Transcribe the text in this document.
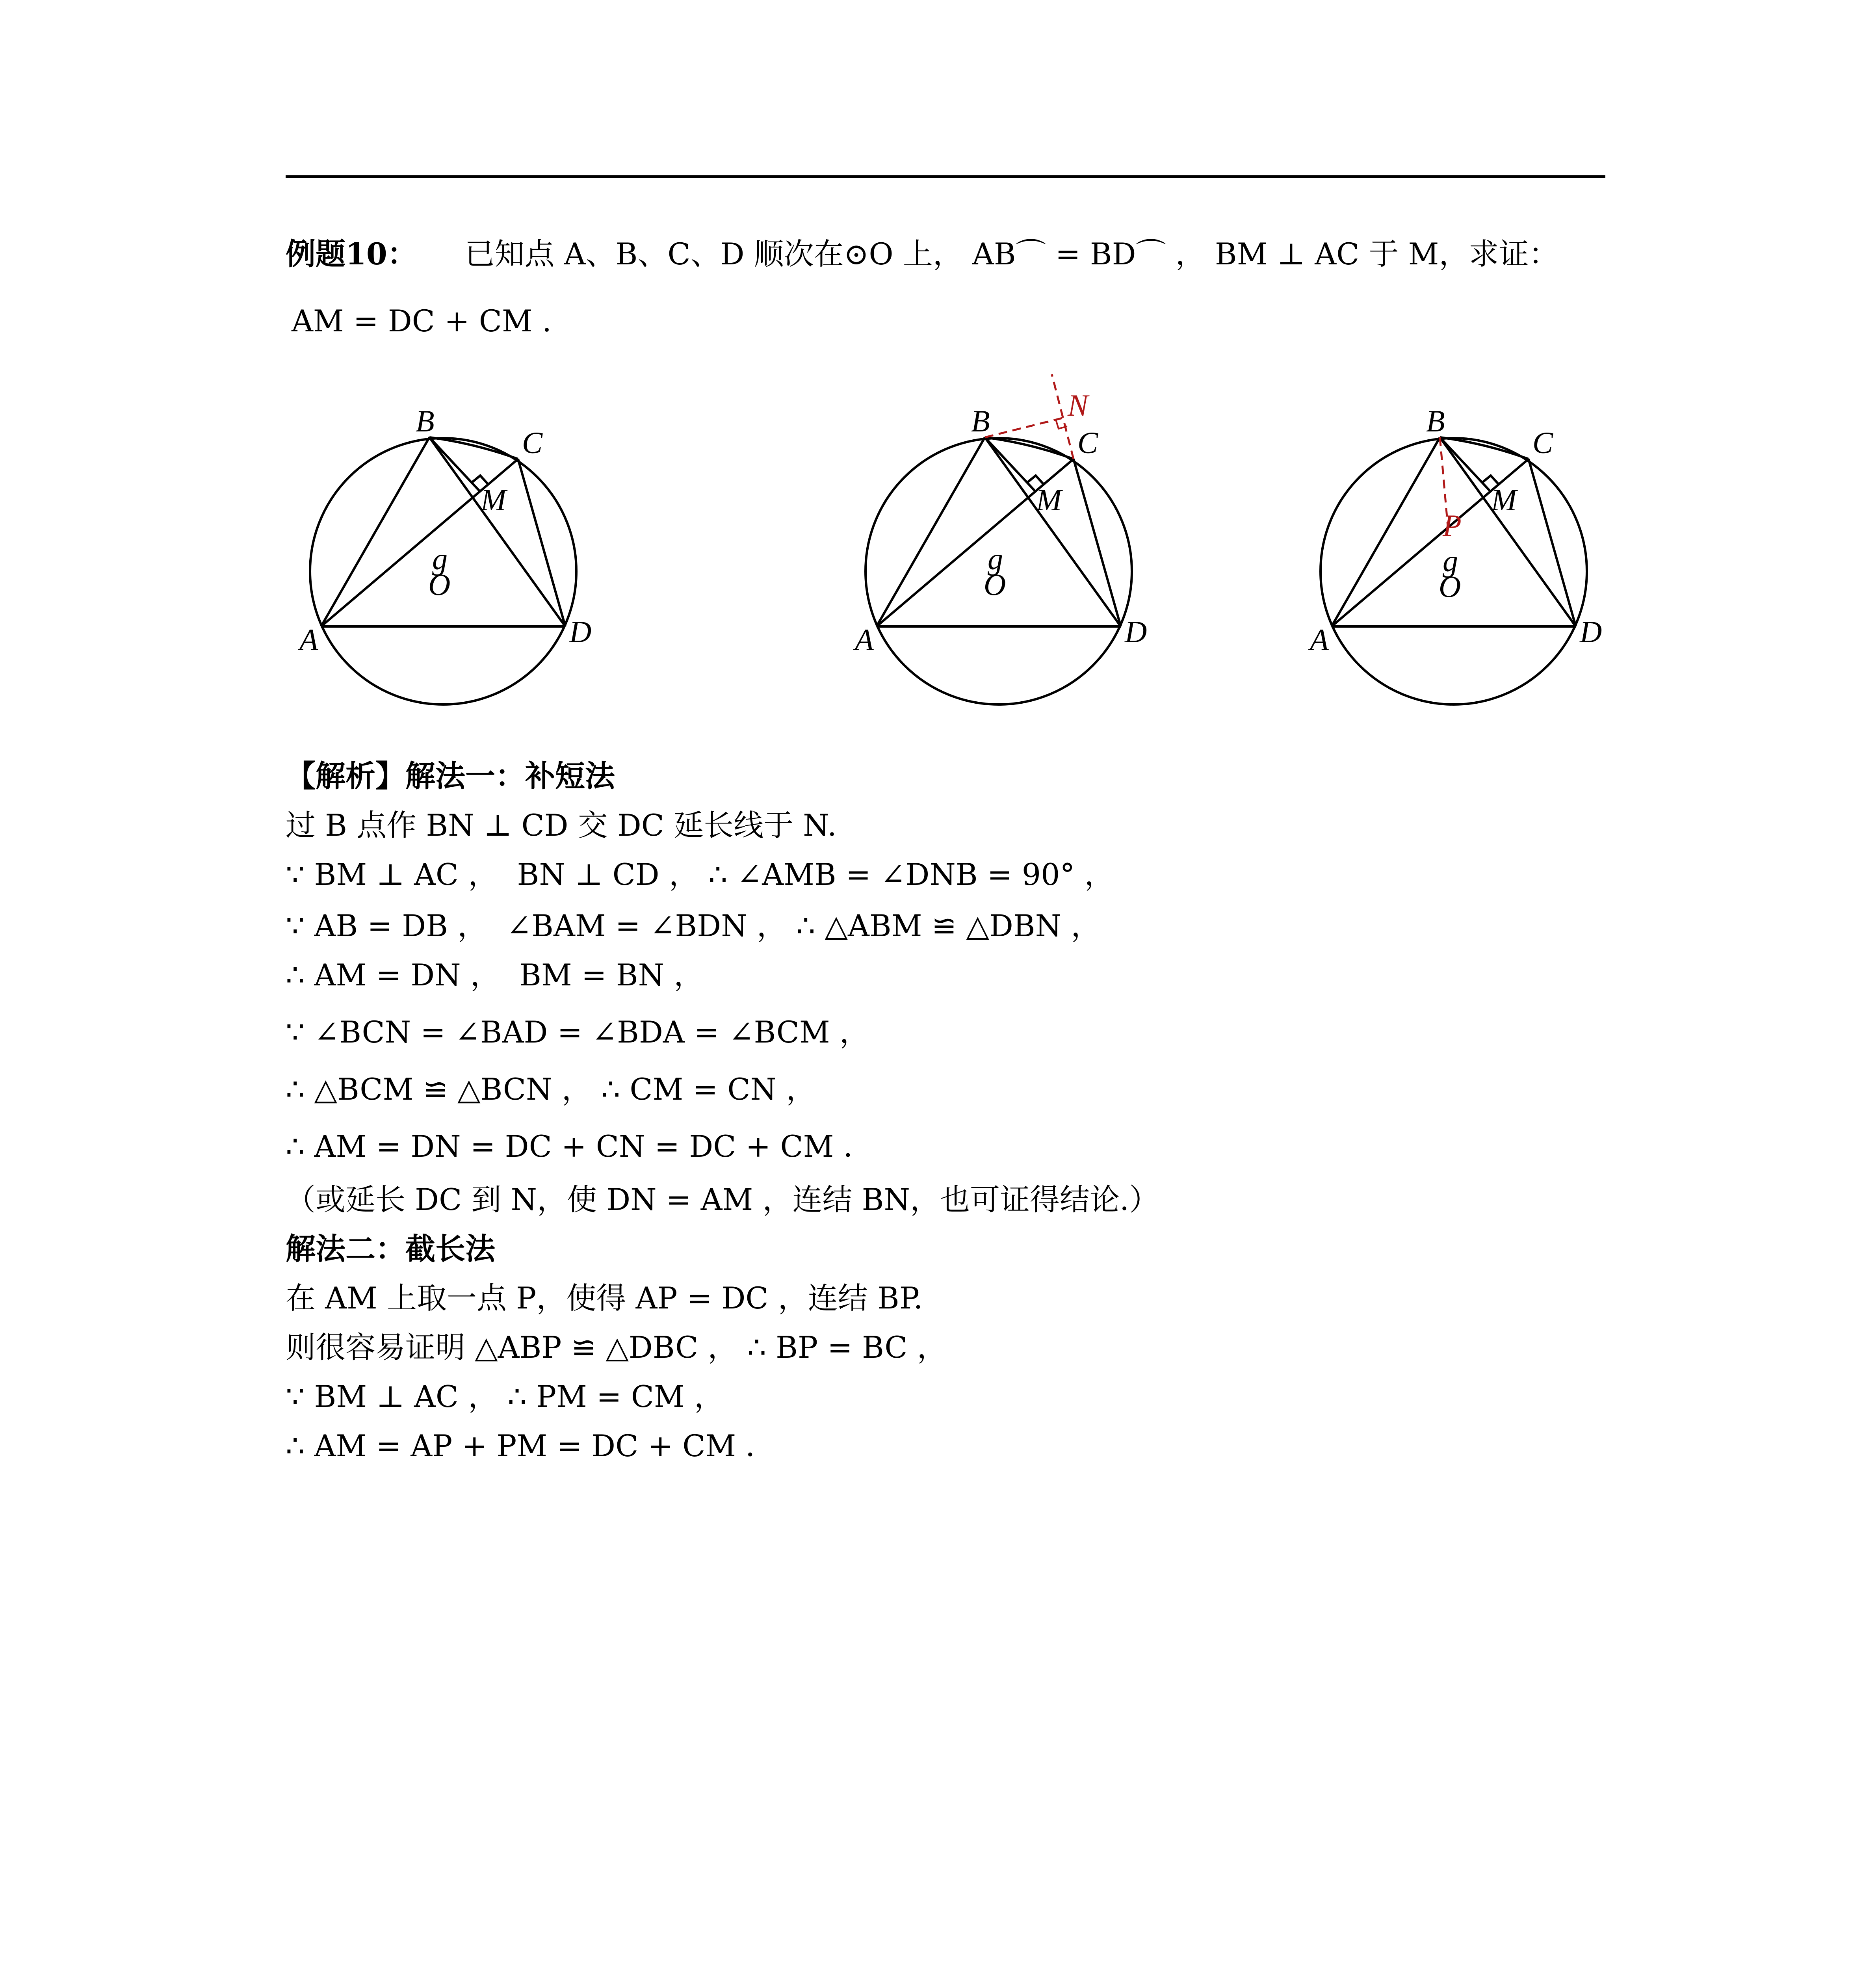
例题10： 已知点 A、B、C、D 顺次在⊙O 上， AB⌒ = BD⌒ ， BM ⊥ AC 于 M，求证：
AM = DC + CM .
B
C
M
A	D
g
O
B
C
N
M
A	D
g
O
B
C
M
P
A	D
g
O
【解析】解法一：补短法
过 B 点作 BN ⊥ CD 交 DC 延长线于 N.
∵ BM ⊥ AC ，  BN ⊥ CD ， ∴ ∠AMB = ∠DNB = 90° ，
∵ AB = DB ，  ∠BAM = ∠BDN ， ∴ △ABM ≌ △DBN ，
∴ AM = DN ，  BM = BN ，
∵ ∠BCN = ∠BAD = ∠BDA = ∠BCM ，
∴ △BCM ≌ △BCN ， ∴ CM = CN ，
∴ AM = DN = DC + CN = DC + CM ．
（或延长 DC 到 N，使 DN = AM ，连结 BN，也可证得结论.）
解法二：截长法
在 AM 上取一点 P，使得 AP = DC ，连结 BP.
则很容易证明 △ABP ≌ △DBC ， ∴ BP = BC ，
∵ BM ⊥ AC ， ∴ PM = CM ，
∴ AM = AP + PM = DC + CM ．
